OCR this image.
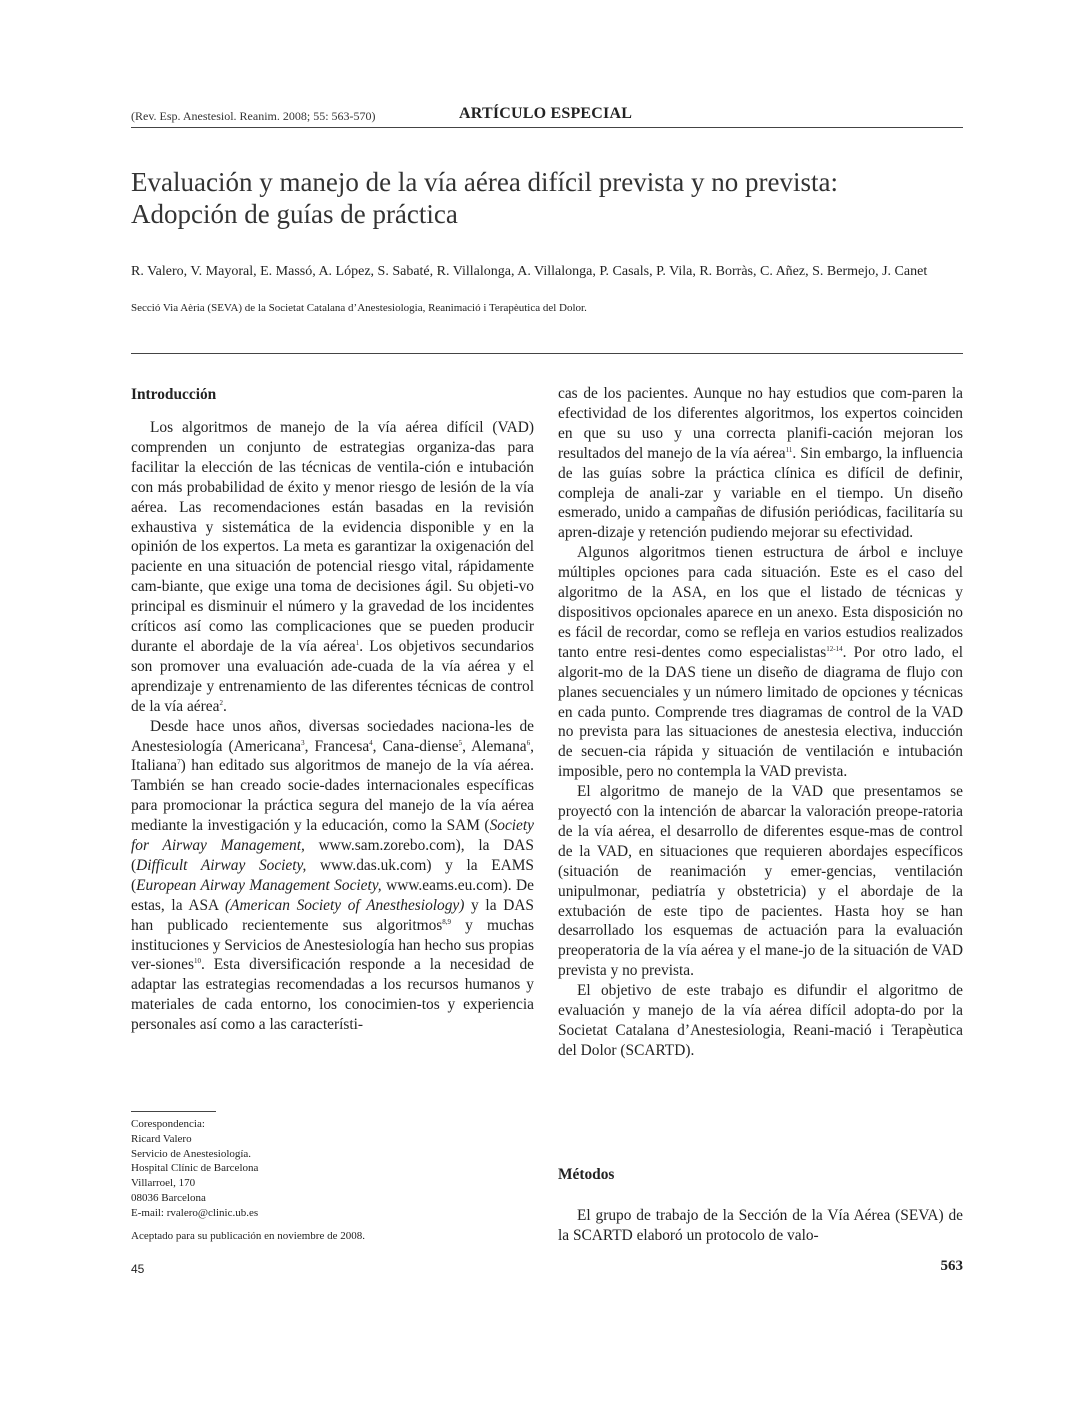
(Rev. Esp. Anestesiol. Reanim. 2008; 55: 563-570)	ARTÍCULO ESPECIAL
Evaluación y manejo de la vía aérea difícil prevista y no prevista:
Adopción de guías de práctica
R. Valero, V. Mayoral, E. Massó, A. López, S. Sabaté, R. Villalonga, A. Villalonga, P. Casals, P. Vila, R. Borràs, C. Añez, S. Bermejo, J. Canet
Secció Via Aèria (SEVA) de la Societat Catalana d’Anestesiologia, Reanimació i Terapèutica del Dolor.
Introducción

Los algoritmos de manejo de la vía aérea difícil (VAD) comprenden un conjunto de estrategias organiza-das para facilitar la elección de las técnicas de ventila-ción e intubación con más probabilidad de éxito y menor riesgo de lesión de la vía aérea. Las recomendaciones están basadas en la revisión exhaustiva y sistemática de la evidencia disponible y en la opinión de los expertos. La meta es garantizar la oxigenación del paciente en una situación de potencial riesgo vital, rápidamente cam-biante, que exige una toma de decisiones ágil. Su objeti-vo principal es disminuir el número y la gravedad de los incidentes críticos así como las complicaciones que se pueden producir durante el abordaje de la vía aérea$^1$. Los objetivos secundarios son promover una evaluación ade-cuada de la vía aérea y el aprendizaje y entrenamiento de las diferentes técnicas de control de la vía aérea$^2$.

Desde hace unos años, diversas sociedades naciona-les de Anestesiología (Americana$^3$, Francesa$^4$, Cana-diense$^5$, Alemana$^6$, Italiana$^7$) han editado sus algoritmos de manejo de la vía aérea. También se han creado socie-dades internacionales específicas para promocionar la práctica segura del manejo de la vía aérea mediante la investigación y la educación, como la SAM (Society for Airway Management, www.sam.zorebo.com), la DAS (Difficult Airway Society, www.das.uk.com) y la EAMS (European Airway Management Society, www.eams.eu.com). De estas, la ASA (American Society of Anesthesiology) y la DAS han publicado recientemente sus algoritmos$^{8,9}$ y muchas instituciones y Servicios de Anestesiología han hecho sus propias ver-siones$^{10}$. Esta diversificación responde a la necesidad de adaptar las estrategias recomendadas a los recursos humanos y materiales de cada entorno, los conocimien-tos y experiencia personales así como a las característi-

Corespondencia:
Ricard Valero
Servicio de Anestesiología.
Hospital Clínic de Barcelona
Villarroel, 170
08036 Barcelona
E-mail: rvalero@clinic.ub.es
Aceptado para su publicación en noviembre de 2008.

cas de los pacientes. Aunque no hay estudios que com-paren la efectividad de los diferentes algoritmos, los expertos coinciden en que su uso y una correcta planifi-cación mejoran los resultados del manejo de la vía aérea$^{11}$. Sin embargo, la influencia de las guías sobre la práctica clínica es difícil de definir, compleja de anali-zar y variable en el tiempo. Un diseño esmerado, unido a campañas de difusión periódicas, facilitaría su apren-dizaje y retención pudiendo mejorar su efectividad.

Algunos algoritmos tienen estructura de árbol e incluye múltiples opciones para cada situación. Este es el caso del algoritmo de la ASA, en los que el listado de técnicas y dispositivos opcionales aparece en un anexo. Esta disposición no es fácil de recordar, como se refleja en varios estudios realizados tanto entre resi-dentes como especialistas$^{12-14}$. Por otro lado, el algorit-mo de la DAS tiene un diseño de diagrama de flujo con planes secuenciales y un número limitado de opciones y técnicas en cada punto. Comprende tres diagramas de control de la VAD no prevista para las situaciones de anestesia electiva, inducción de secuen-cia rápida y situación de ventilación e intubación imposible, pero no contempla la VAD prevista.

El algoritmo de manejo de la VAD que presentamos se proyectó con la intención de abarcar la valoración preope-ratoria de la vía aérea, el desarrollo de diferentes esque-mas de control de la VAD, en situaciones que requieren abordajes específicos (situación de reanimación y emer-gencias, ventilación unipulmonar, pediatría y obstetricia) y el abordaje de la extubación de este tipo de pacientes. Hasta hoy se han desarrollado los esquemas de actuación para la evaluación preoperatoria de la vía aérea y el mane-jo de la situación de VAD prevista y no prevista.

El objetivo de este trabajo es difundir el algoritmo de evaluación y manejo de la vía aérea difícil adopta-do por la Societat Catalana d’Anestesiologia, Reani-mació i Terapèutica del Dolor (SCARTD).

Métodos

El grupo de trabajo de la Sección de la Vía Aérea (SEVA) de la SCARTD elaboró un protocolo de valo-

45	563
